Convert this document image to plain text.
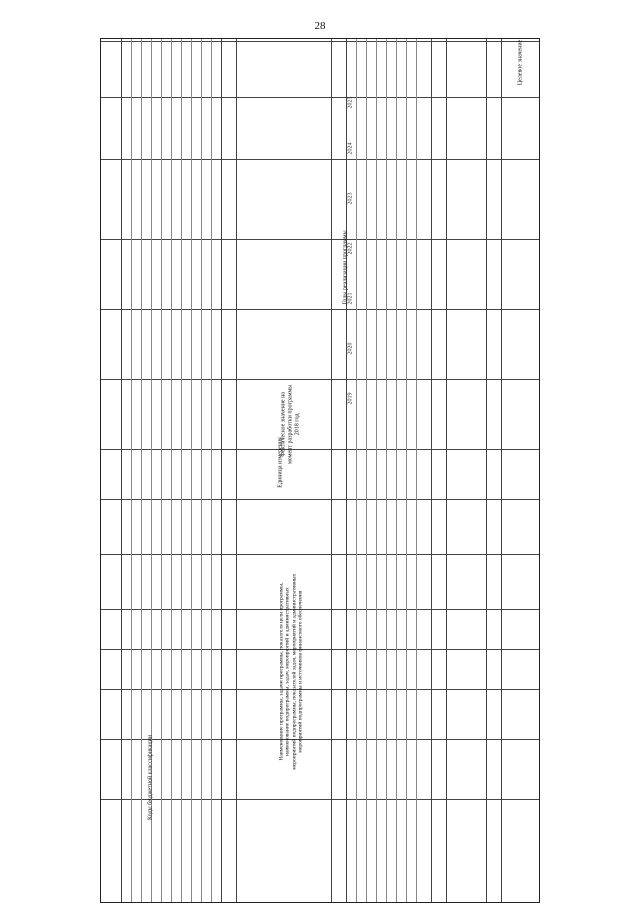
28
Коды бюджетной классификации
Наименование программы, задачи программы, показателя цели программы, наименование подпрограммы, задач, мероприятий и административных мероприятий подпрограммы, показателей задач, мероприятий и административных мероприятий подпрограммы и источников финансового обеспечения
Единица измерения
Фактическое значение на момент разработки программы 2018 год
Годы реализации программы
2019
2020
2021
2022
2023
2024
2025
Целевое значение
